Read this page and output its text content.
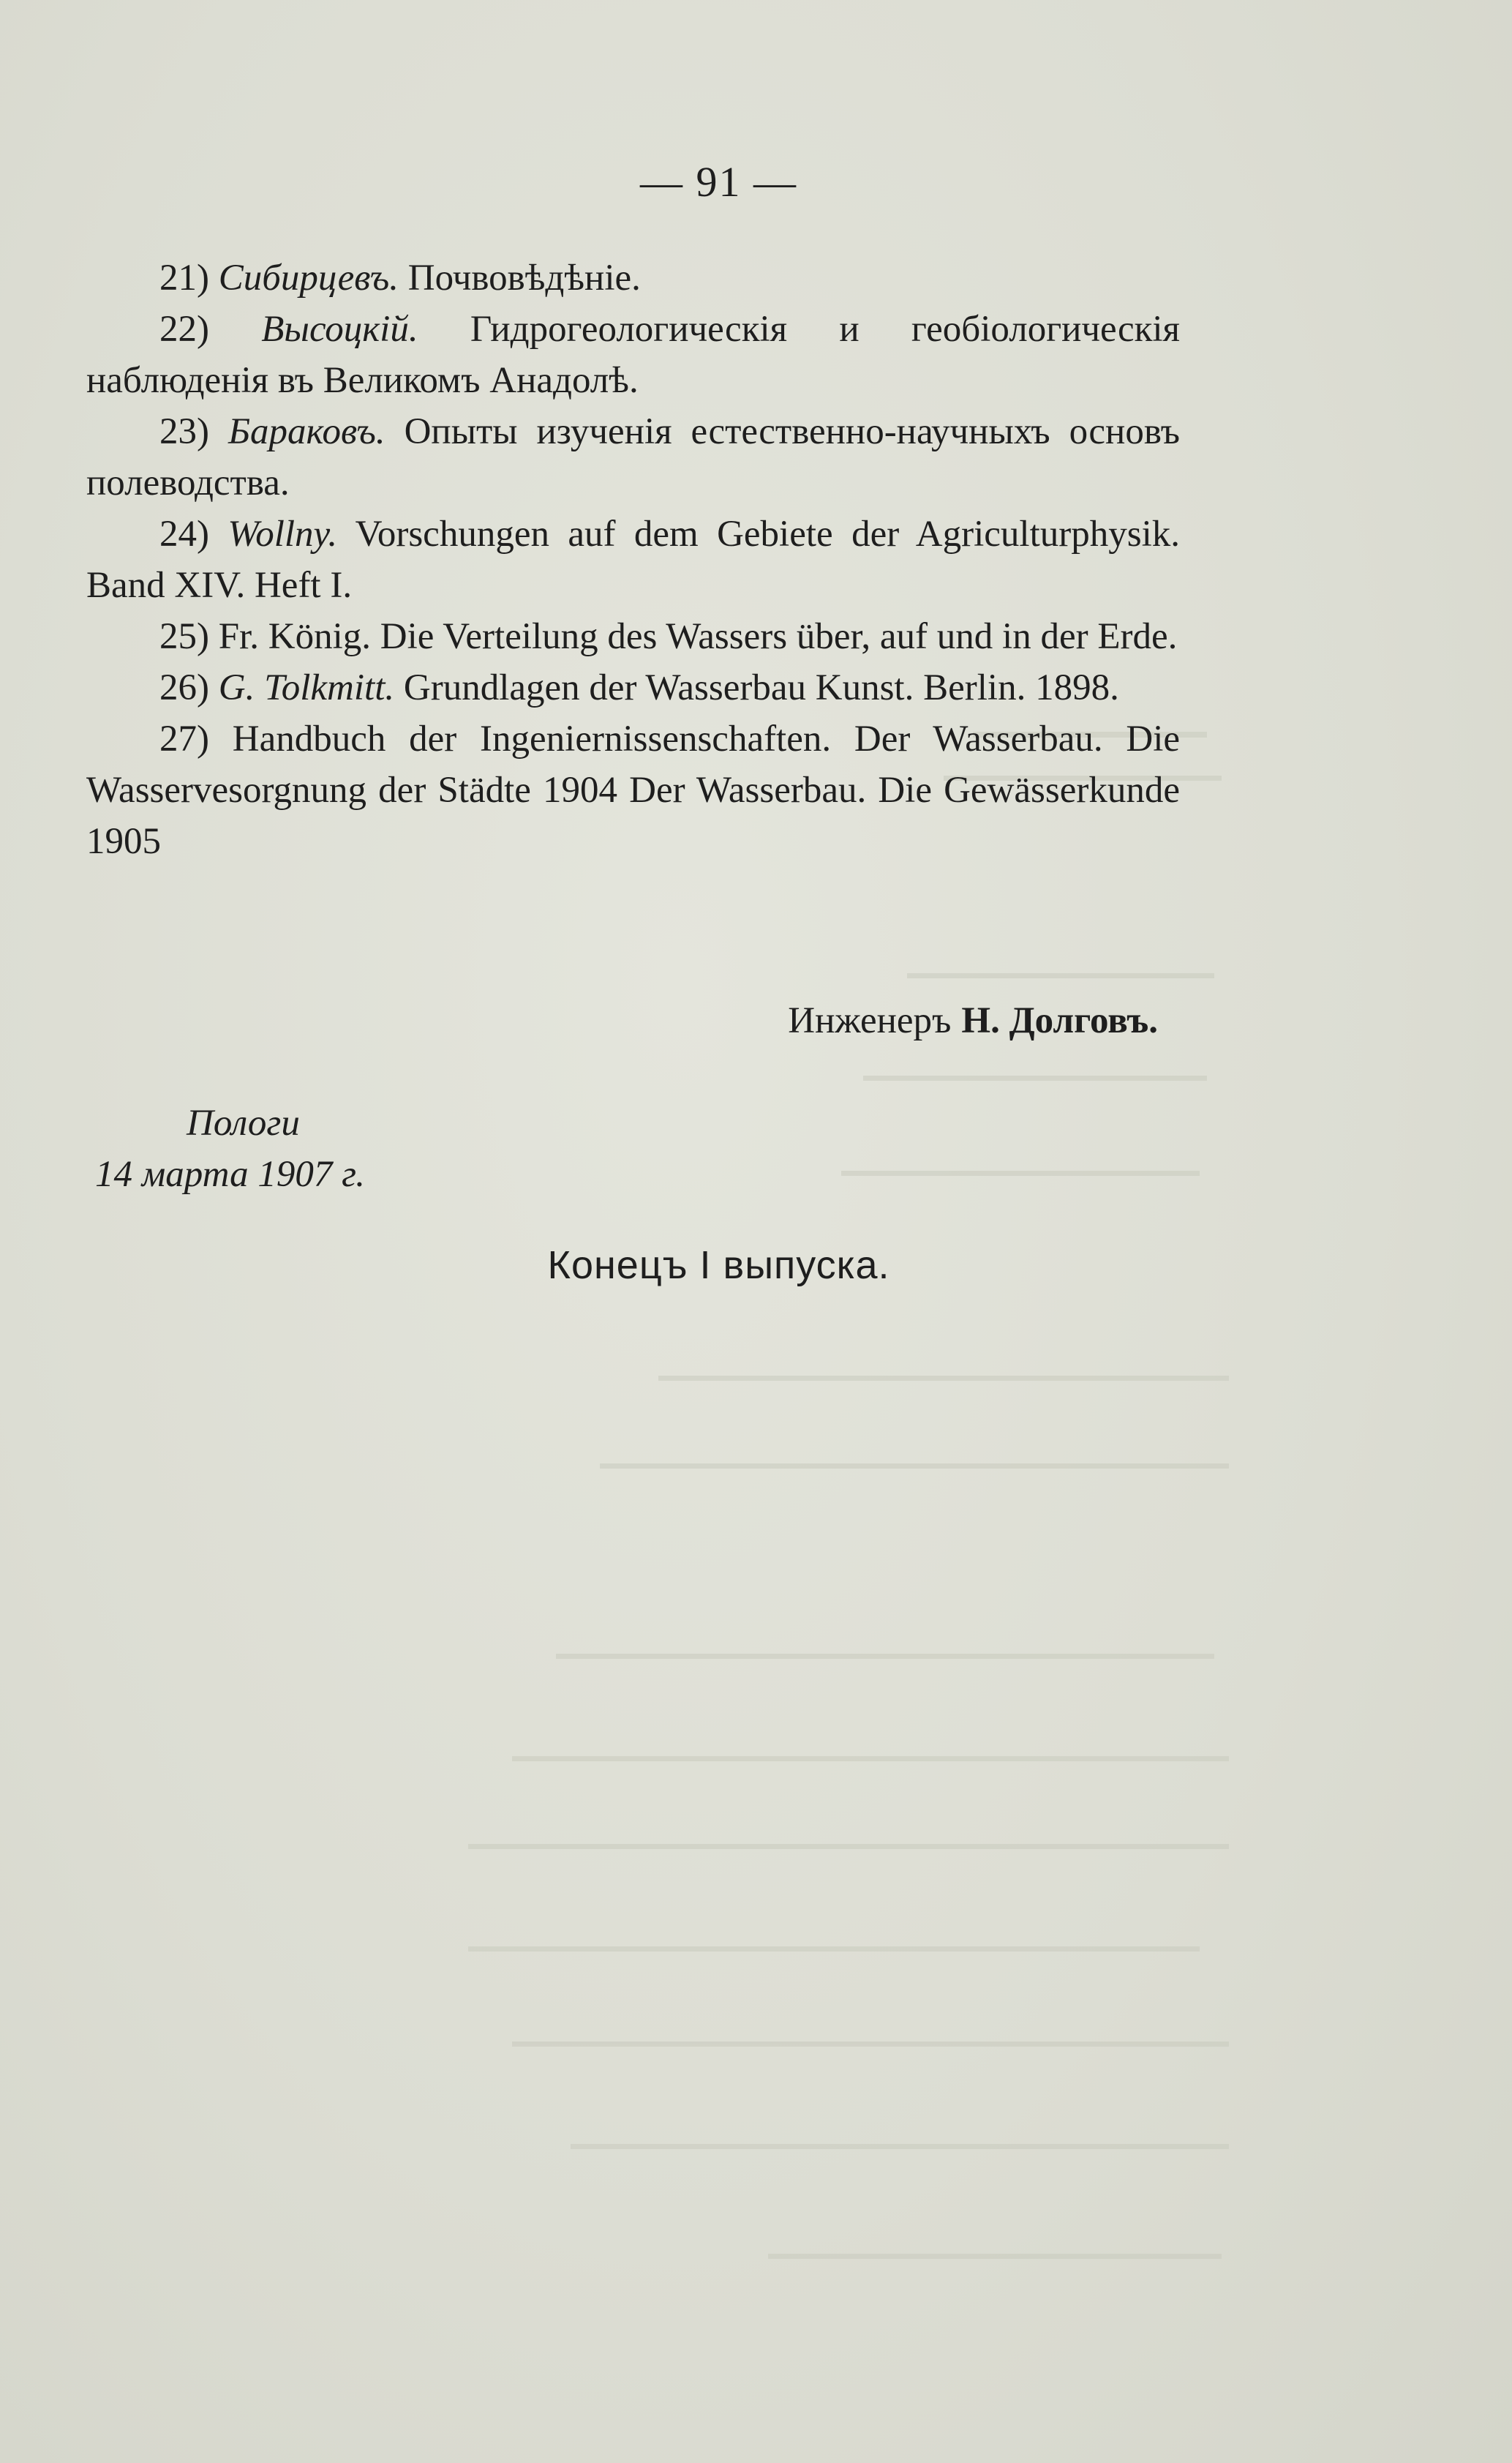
— 91 —

21) Сибирцевъ. Почвовѣдѣніе.

22) Высоцкій. Гидрогеологическія и геобіологическія наблюденія въ Великомъ Анадолѣ.

23) Бараковъ. Опыты изученія естественно-научныхъ основъ полеводства.

24) Wollny. Vorschungen auf dem Gebiete der Agriculturphysik. Band XIV. Heft I.

25) Fr. König. Die Verteilung des Wassers über, auf und in der Erde.

26) G. Tolkmitt. Grundlagen der Wasserbau Kunst. Berlin. 1898.

27) Handbuch der Ingeniernissenschaften. Der Wasserbau. Die Wasservesorgnung der Städte 1904 Der Wasserbau. Die Gewässerkunde 1905

Инженеръ Н. Долговъ.
Пологи
14 марта 1907 г.
Конецъ I выпуска.
